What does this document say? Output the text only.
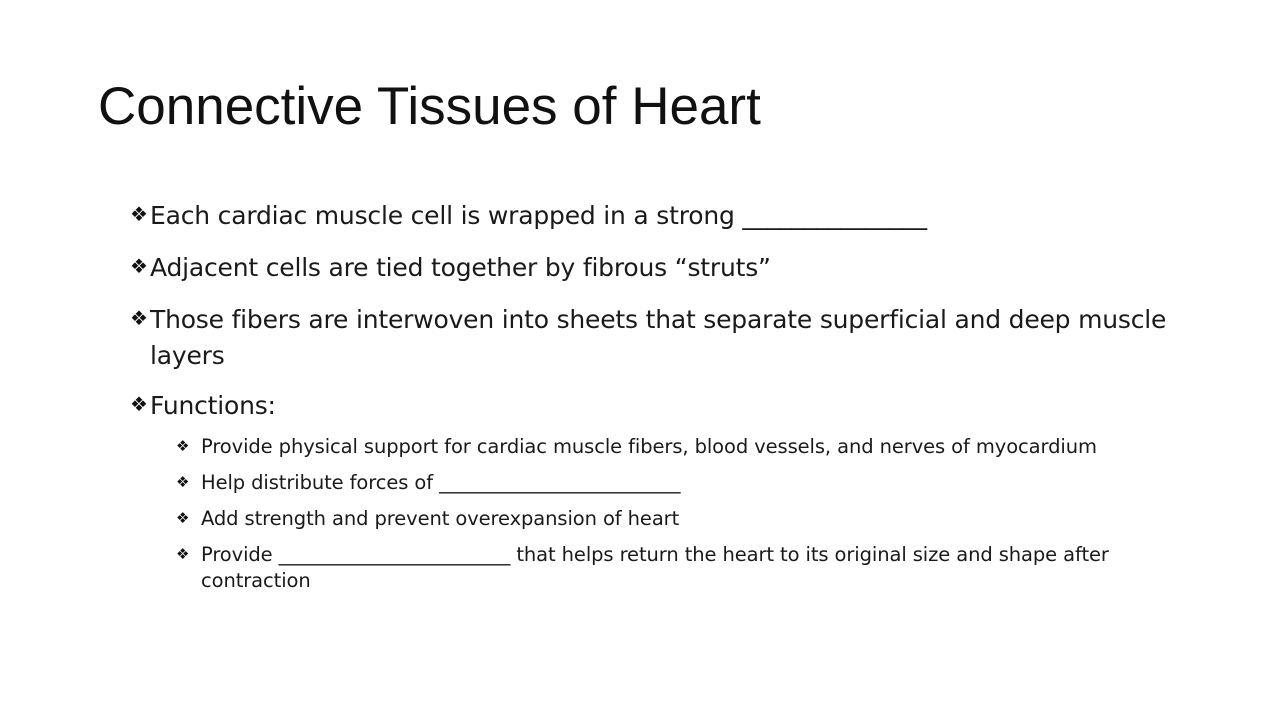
Connective Tissues of Heart
❖ Each cardiac muscle cell is wrapped in a strong _______________
❖ Adjacent cells are tied together by fibrous “struts”
❖ Those fibers are interwoven into sheets that separate superficial and deep muscle layers
❖ Functions:
❖ Provide physical support for cardiac muscle fibers, blood vessels, and nerves of myocardium
❖ Help distribute forces of _________________________
❖ Add strength and prevent overexpansion of heart
❖ Provide ________________________ that helps return the heart to its original size and shape after contraction
